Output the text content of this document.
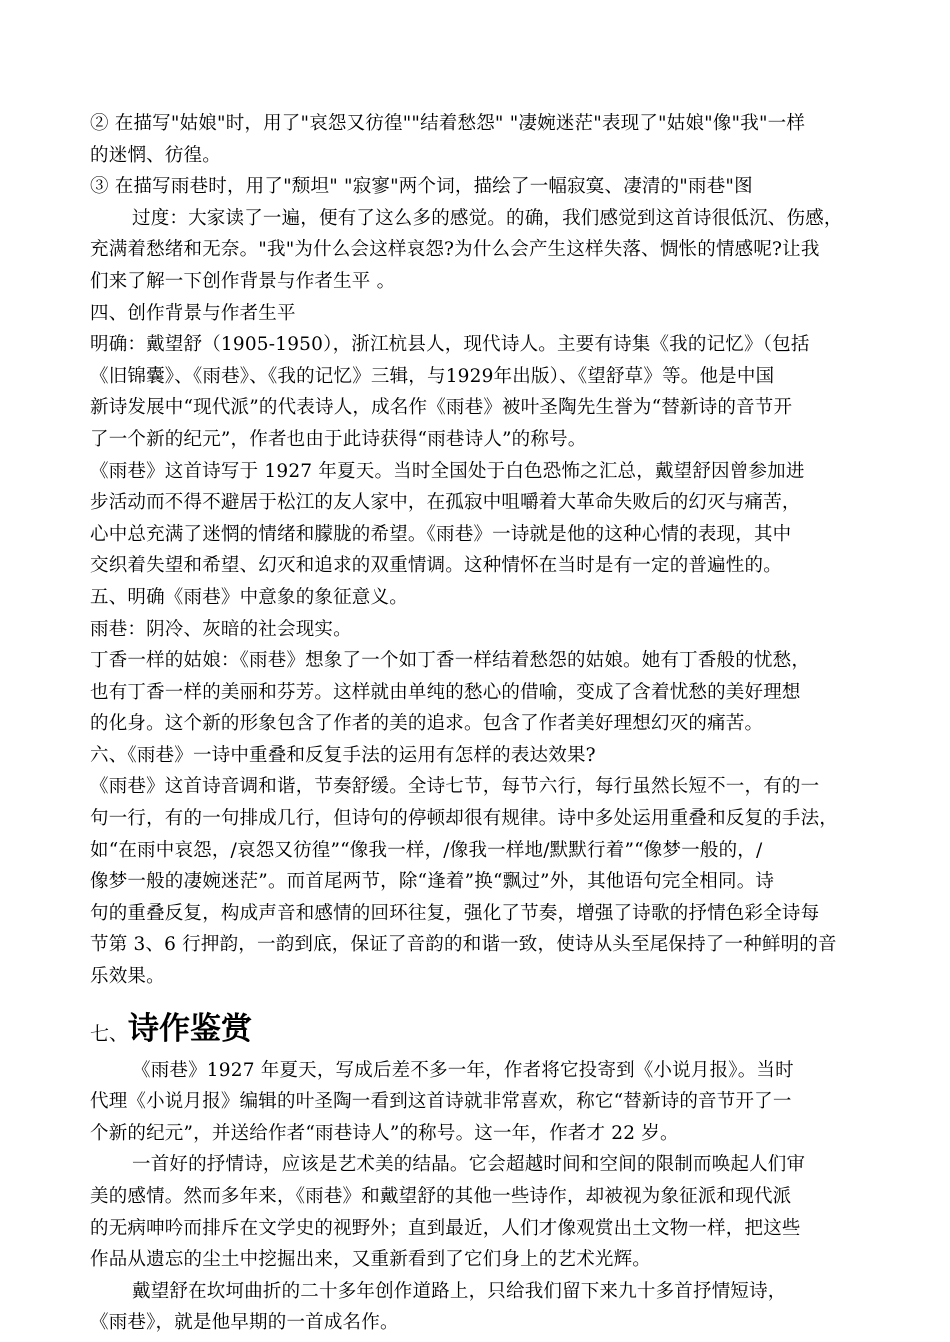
② 在描写"姑娘"时，用了"哀怨又彷徨""结着愁怨" "凄婉迷茫"表现了"姑娘"像"我"一样
的迷惘、彷徨。
③ 在描写雨巷时，用了"颓坦" "寂寥"两个词，描绘了一幅寂寞、凄清的"雨巷"图
过度：大家读了一遍，便有了这么多的感觉。的确，我们感觉到这首诗很低沉、伤感，
充满着愁绪和无奈。"我"为什么会这样哀怨?为什么会产生这样失落、惆怅的情感呢?让我
们来了解一下创作背景与作者生平 。
四、创作背景与作者生平
明确：戴望舒（1905-1950），浙江杭县人，现代诗人。主要有诗集《我的记忆》（包括
《旧锦囊》、《雨巷》、《我的记忆》三辑，与1929年出版）、《望舒草》等。他是中国
新诗发展中“现代派”的代表诗人，成名作《雨巷》被叶圣陶先生誉为“替新诗的音节开
了一个新的纪元”，作者也由于此诗获得“雨巷诗人”的称号。
《雨巷》这首诗写于 1927 年夏天。当时全国处于白色恐怖之汇总，戴望舒因曾参加进
步活动而不得不避居于松江的友人家中，在孤寂中咀嚼着大革命失败后的幻灭与痛苦，
心中总充满了迷惘的情绪和朦胧的希望。《雨巷》一诗就是他的这种心情的表现，其中
交织着失望和希望、幻灭和追求的双重情调。这种情怀在当时是有一定的普遍性的。
五、明确《雨巷》中意象的象征意义。
雨巷：阴冷、灰暗的社会现实。
丁香一样的姑娘：《雨巷》想象了一个如丁香一样结着愁怨的姑娘。她有丁香般的忧愁，
也有丁香一样的美丽和芬芳。这样就由单纯的愁心的借喻，变成了含着忧愁的美好理想
的化身。这个新的形象包含了作者的美的追求。包含了作者美好理想幻灭的痛苦。
六、《雨巷》一诗中重叠和反复手法的运用有怎样的表达效果?
《雨巷》这首诗音调和谐，节奏舒缓。全诗七节，每节六行，每行虽然长短不一，有的一
句一行，有的一句排成几行，但诗句的停顿却很有规律。诗中多处运用重叠和反复的手法，
如“在雨中哀怨，/哀怨又彷徨”“像我一样，/像我一样地/默默行着”“像梦一般的，/
像梦一般的凄婉迷茫”。而首尾两节，除“逢着”换“飘过”外，其他语句完全相同。诗
句的重叠反复，构成声音和感情的回环往复，强化了节奏，增强了诗歌的抒情色彩全诗每
节第 3、6 行押韵，一韵到底，保证了音韵的和谐一致，使诗从头至尾保持了一种鲜明的音
乐效果。
七、 诗作鉴赏
《雨巷》1927 年夏天，写成后差不多一年，作者将它投寄到《小说月报》。当时
代理《小说月报》编辑的叶圣陶一看到这首诗就非常喜欢，称它“替新诗的音节开了一
个新的纪元”，并送给作者“雨巷诗人”的称号。这一年，作者才 22 岁。
一首好的抒情诗，应该是艺术美的结晶。它会超越时间和空间的限制而唤起人们审
美的感情。然而多年来，《雨巷》和戴望舒的其他一些诗作，却被视为象征派和现代派
的无病呻吟而排斥在文学史的视野外；直到最近，人们才像观赏出土文物一样，把这些
作品从遗忘的尘土中挖掘出来，又重新看到了它们身上的艺术光辉。
戴望舒在坎坷曲折的二十多年创作道路上，只给我们留下来九十多首抒情短诗，
《雨巷》，就是他早期的一首成名作。
